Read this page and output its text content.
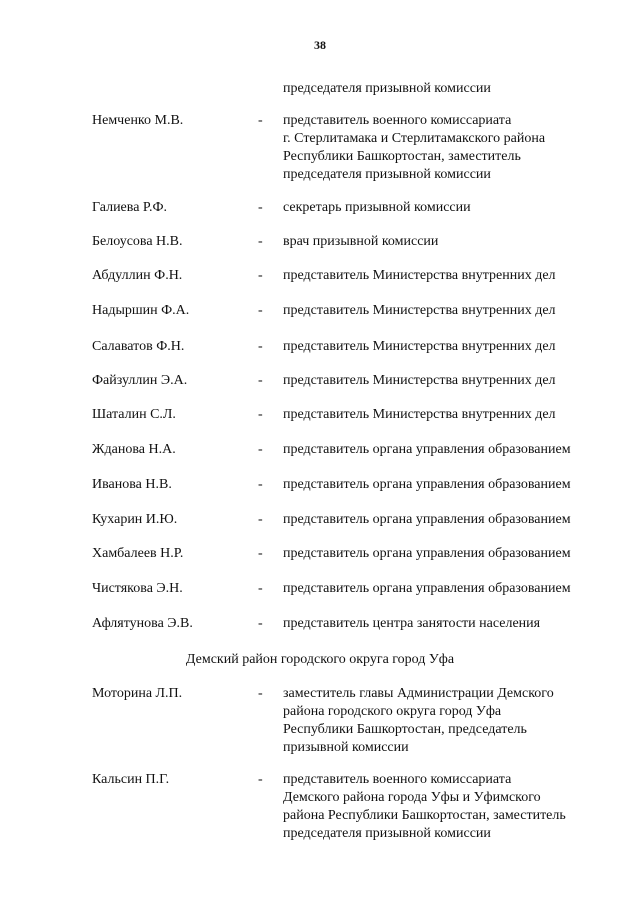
38
председателя призывной комиссии
Немченко М.В.	- представитель военного комиссариата
г. Стерлитамака и Стерлитамакского района
Республики Башкортостан, заместитель
председателя призывной комиссии
Галиева Р.Ф.	- секретарь призывной комиссии
Белоусова Н.В.	- врач призывной комиссии
Абдуллин Ф.Н.	- представитель Министерства внутренних дел
Надыршин Ф.А.	- представитель Министерства внутренних дел
Салаватов Ф.Н.	- представитель Министерства внутренних дел
Файзуллин Э.А.	- представитель Министерства внутренних дел
Шаталин С.Л.	- представитель Министерства внутренних дел
Жданова Н.А.	- представитель органа управления образованием
Иванова Н.В.	- представитель органа управления образованием
Кухарин И.Ю.	- представитель органа управления образованием
Хамбалеев Н.Р.	- представитель органа управления образованием
Чистякова Э.Н.	- представитель органа управления образованием
Афлятунова Э.В.	- представитель центра занятости населения
Демский район городского округа город Уфа
Моторина Л.П.	- заместитель главы Администрации Демского
района городского округа город Уфа
Республики Башкортостан, председатель
призывной комиссии
Кальсин П.Г.	- представитель военного комиссариата
Демского района города Уфы и Уфимского
района Республики Башкортостан, заместитель
председателя призывной комиссии
